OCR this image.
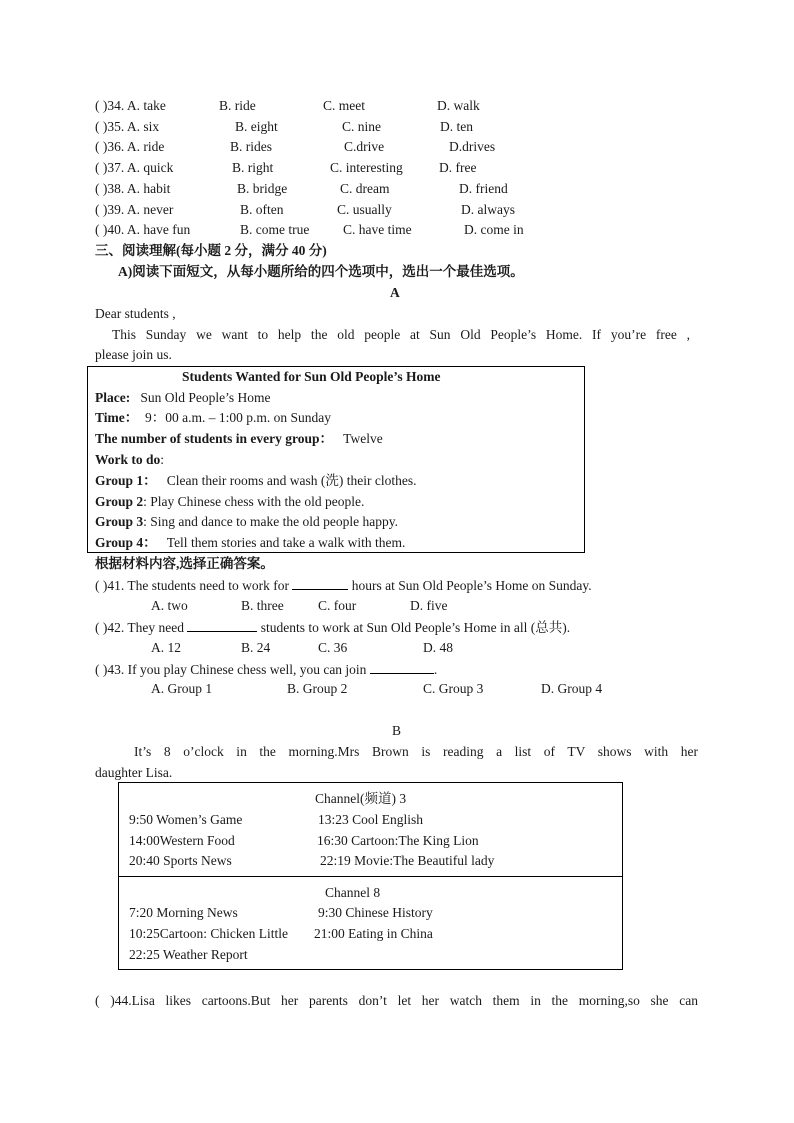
( )34. A. take	B. ride	C. meet	D. walk
( )35. A. six	B. eight	C. nine	D. ten
( )36. A. ride	B. rides	C.drive	D.drives
( )37. A. quick	B. right	C. interesting	D. free
( )38. A. habit	B. bridge	C. dream	D. friend
( )39. A. never	B. often	C. usually	D. always
( )40. A. have fun	B. come true C. have time	D. come in
三、阅读理解(每小题 2 分，满分 40 分)
A)阅读下面短文，从每小题所给的四个选项中，选出一个最佳选项。
A
Dear students ,
This Sunday we want to help the old people at Sun Old People’s Home. If you’re free ,
please join us.
Students Wanted for Sun Old People’s Home
Place: Sun Old People’s Home
Time： 9：00 a.m. – 1:00 p.m. on Sunday
The number of students in every group： Twelve
Work to do:
Group 1： Clean their rooms and wash (洗) their clothes.
Group 2: Play Chinese chess with the old people.
Group 3: Sing and dance to make the old people happy.
Group 4： Tell them stories and take a walk with them.
根据材料内容,选择正确答案。
( )41. The students need to work for	hours at Sun Old People’s Home on Sunday.
A. two	B. three	C. four	D. five
( )42. They need	students to work at Sun Old People’s Home in all (总共).
A. 12	B. 24	C. 36	D. 48
( )43. If you play Chinese chess well, you can join	.
A. Group 1	B. Group 2	C. Group 3	D. Group 4
B
It’s 8 o’clock in the morning.Mrs Brown is reading a list of TV shows with her
daughter Lisa.
Channel(频道) 3
9:50 Women’s Game	13:23 Cool English
14:00Western Food	16:30 Cartoon:The King Lion
20:40 Sports News	22:19 Movie:The Beautiful lady
Channel 8
7:20 Morning News	9:30 Chinese History
10:25Cartoon: Chicken Little 21:00 Eating in China
22:25 Weather Report
( )44.Lisa likes cartoons.But her parents don’t let her watch them in the morning,so she can
